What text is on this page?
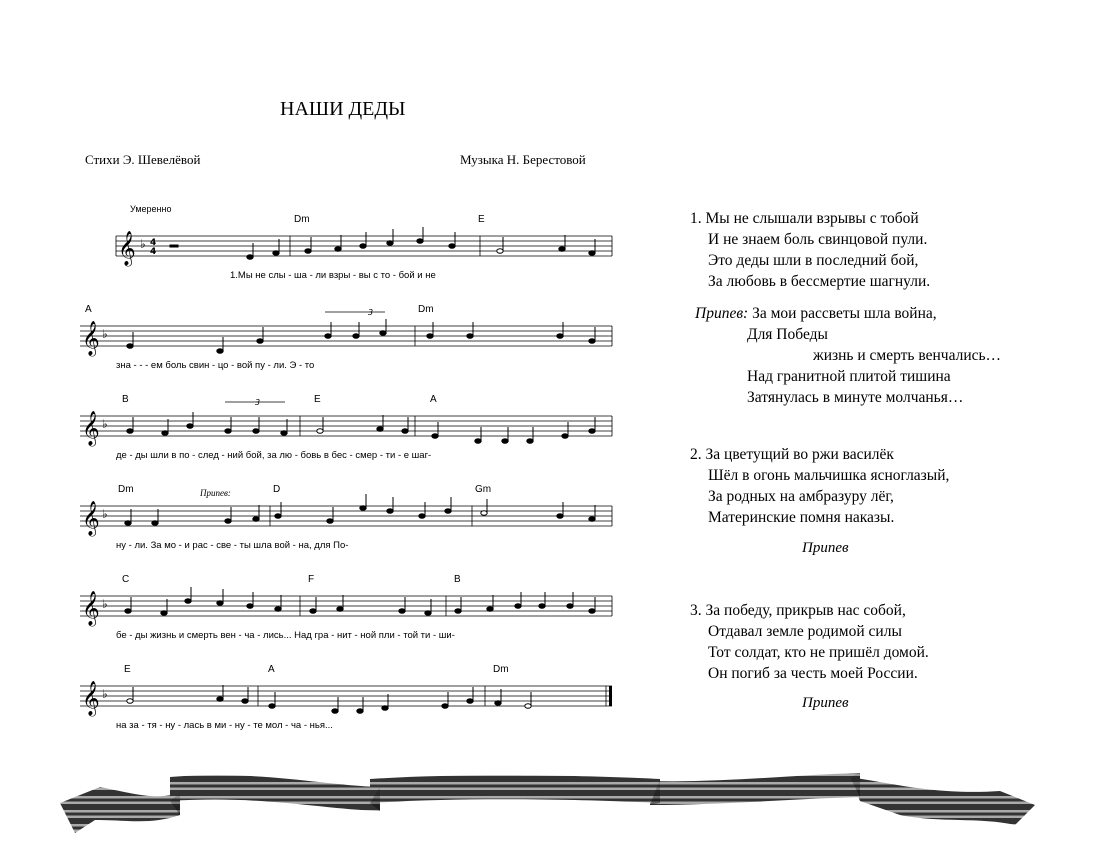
НАШИ ДЕДЫ
Стихи Э. Шевелёвой	Музыка Н. Берестовой
Умеренно
𝄞 ♭ 4
4
Dm	E
1.Мы не слы - ша - ли взры - вы с то - бой и не
3
𝄞 ♭
A	Dm
зна - - - ем боль свин - цо - вой пу - ли. Э - то
3
𝄞 ♭
B	E	A
де - ды шли в по - след - ний бой, за лю - бовь в бес - смер - ти - е шаг-
𝄞 ♭
Dm	D	Gm
Припев:
ну - ли. За мо - и рас - све - ты шла вой - на, для По-
𝄞 ♭
C	F	B
бе - ды жизнь и смерть вен - ча - лись... Над гра - нит - ной пли - той ти - ши-
𝄞 ♭
E	A	Dm
на за - тя - ну - лась в ми - ну - те мол - ча - нья...
1. Мы не слышали взрывы с тобой
И не знаем боль свинцовой пули.
Это деды шли в последний бой,
За любовь в бессмертие шагнули.
Припев: За мои рассветы шла война,
Для Победы
жизнь и смерть венчались…
Над гранитной плитой тишина
Затянулась в минуте молчанья…
2. За цветущий во ржи василёк
Шёл в огонь мальчишка ясноглазый,
За родных на амбразуру лёг,
Материнские помня наказы.
Припев
3. За победу, прикрыв нас собой,
Отдавал земле родимой силы
Тот солдат, кто не пришёл домой.
Он погиб за честь моей России.
Припев
